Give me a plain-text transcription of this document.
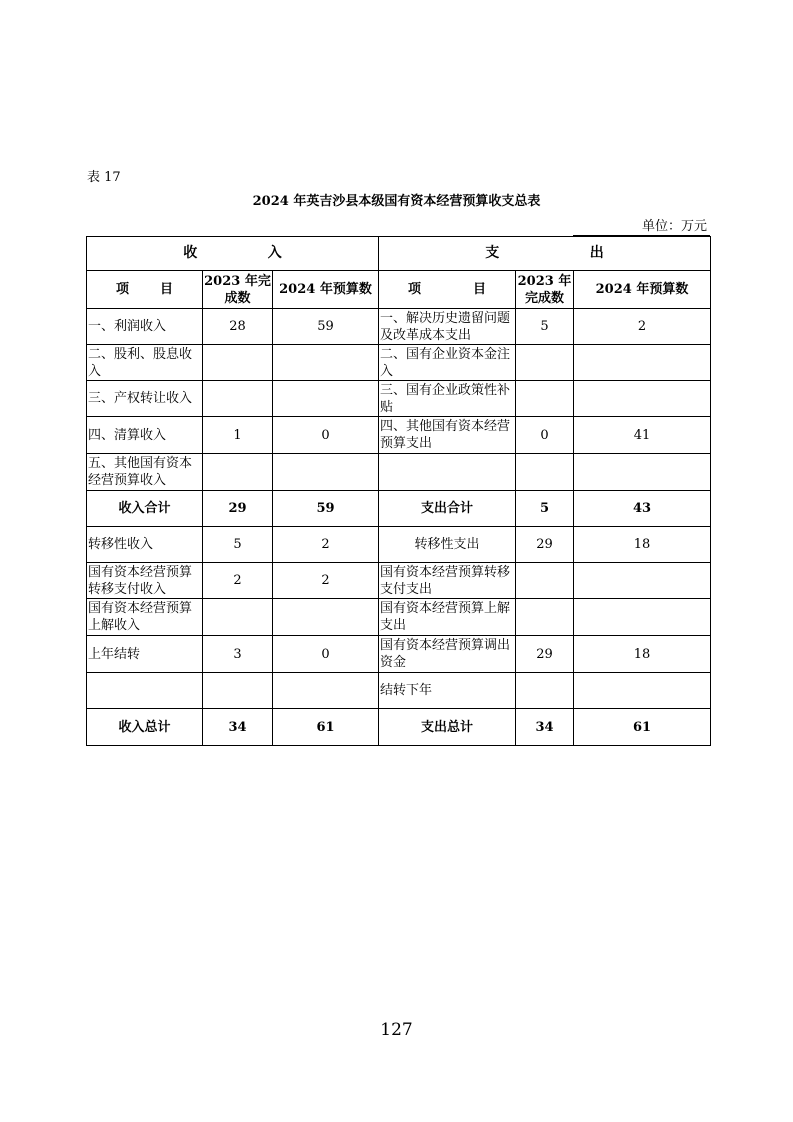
表 17
2024 年英吉沙县本级国有资本经营预算收支总表
单位：万元
收 入			支 出		

项 目	2023 年完成数	2024 年预算数	项 目	2023 年完成数	2024 年预算数
一、利润收入	28	59	一、解决历史遗留问题及改革成本支出	5	2
二、股利、股息收入			二、国有企业资本金注入		
三、产权转让收入			三、国有企业政策性补贴		
四、清算收入	1	0	四、其他国有资本经营预算支出	0	41
五、其他国有资本经营预算收入					
收入合计	29	59	支出合计	5	43
转移性收入	5	2	转移性支出	29	18
国有资本经营预算转移支付收入	2	2	国有资本经营预算转移支付支出		
国有资本经营预算上解收入			国有资本经营预算上解支出		
上年结转	3	0	国有资本经营预算调出资金	29	18
			结转下年		
收入总计	34	61	支出总计	34	61
127
